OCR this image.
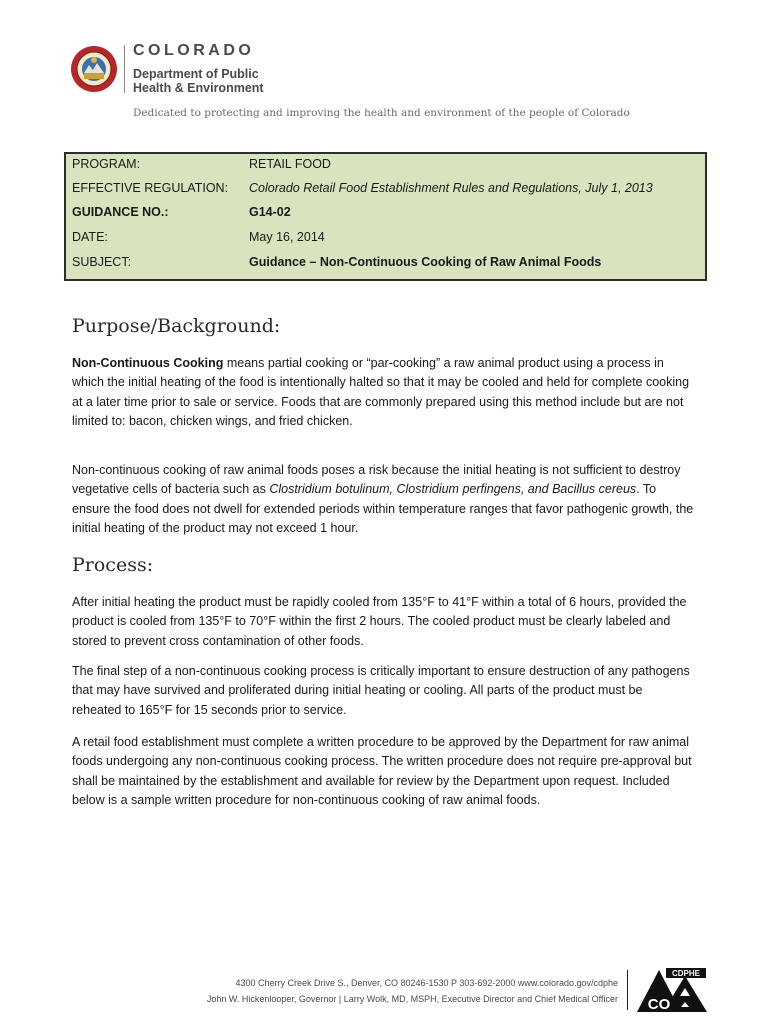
COLORADO
Department of Public
Health & Environment
Dedicated to protecting and improving the health and environment of the people of Colorado
PROGRAM:	RETAIL FOOD
EFFECTIVE REGULATION: Colorado Retail Food Establishment Rules and Regulations, July 1, 2013
GUIDANCE NO.:	G14-02
DATE:	May 16, 2014
SUBJECT:	Guidance – Non-Continuous Cooking of Raw Animal Foods
Purpose/Background:

Non-Continuous Cooking means partial cooking or “par-cooking” a raw animal product using a process in which the initial heating of the food is intentionally halted so that it may be cooled and held for complete cooking at a later time prior to sale or service. Foods that are commonly prepared using this method include but are not limited to: bacon, chicken wings, and fried chicken.

Non-continuous cooking of raw animal foods poses a risk because the initial heating is not sufficient to destroy vegetative cells of bacteria such as Clostridium botulinum, Clostridium perfingens, and Bacillus cereus. To ensure the food does not dwell for extended periods within temperature ranges that favor pathogenic growth, the initial heating of the product may not exceed 1 hour.

Process:

After initial heating the product must be rapidly cooled from 135°F to 41°F within a total of 6 hours, provided the product is cooled from 135°F to 70°F within the first 2 hours. The cooled product must be clearly labeled and stored to prevent cross contamination of other foods.

The final step of a non-continuous cooking process is critically important to ensure destruction of any pathogens that may have survived and proliferated during initial heating or cooling. All parts of the product must be reheated to 165°F for 15 seconds prior to service.

A retail food establishment must complete a written procedure to be approved by the Department for raw animal foods undergoing any non-continuous cooking process. The written procedure does not require pre-approval but shall be maintained by the establishment and available for review by the Department upon request. Included below is a sample written procedure for non-continuous cooking of raw animal foods.

4300 Cherry Creek Drive S., Denver, CO 80246-1530 P 303-692-2000 www.colorado.gov/cdphe
John W. Hickenlooper, Governor | Larry Wolk, MD, MSPH, Executive Director and Chief Medical Officer
CDPHE
CO
